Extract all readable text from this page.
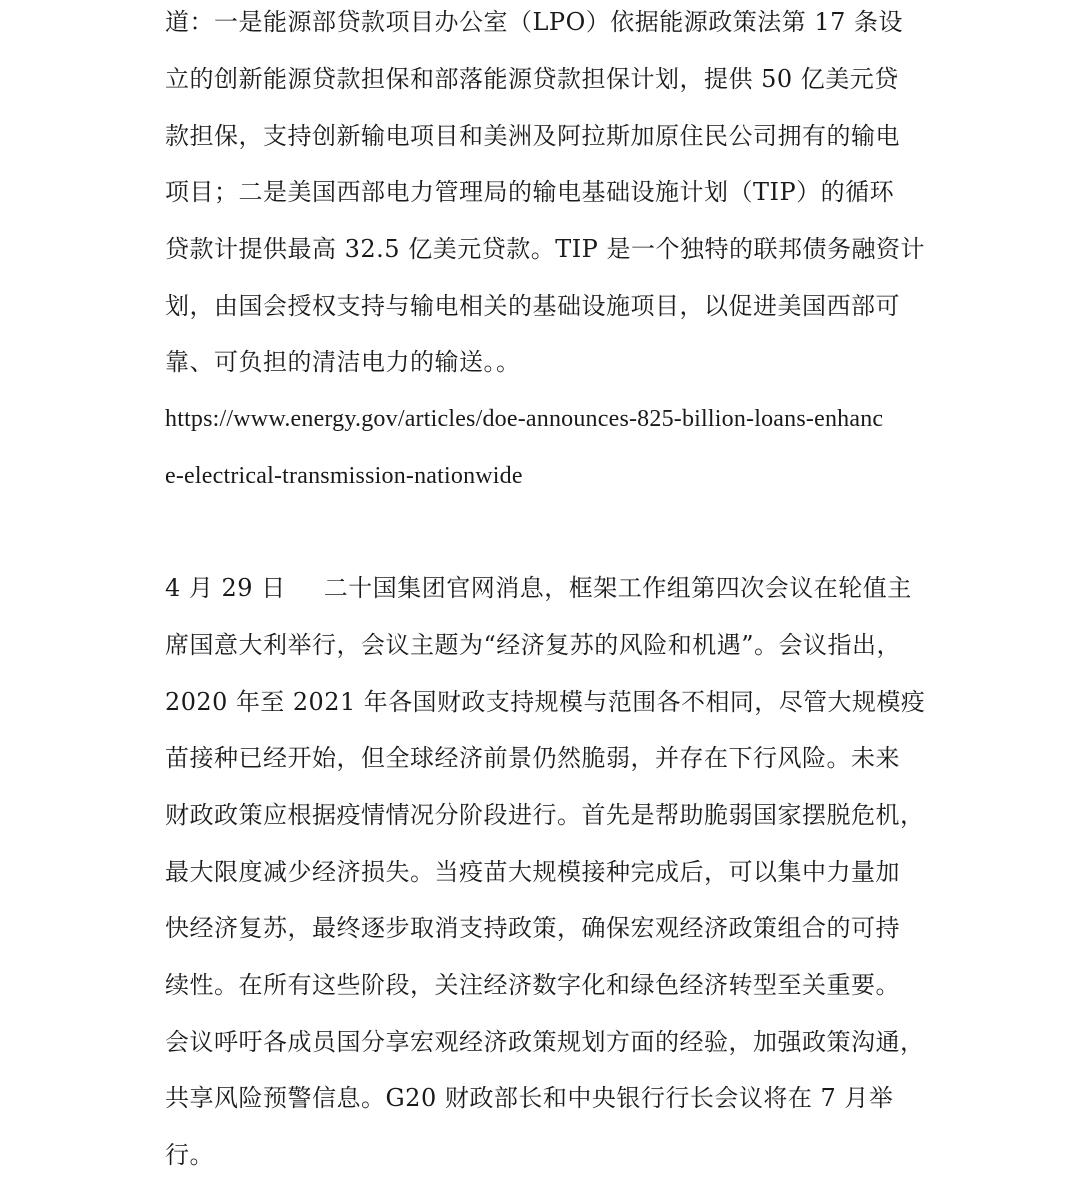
道：一是能源部贷款项目办公室（LPO）依据能源政策法第 17 条设
立的创新能源贷款担保和部落能源贷款担保计划，提供 50 亿美元贷
款担保，支持创新输电项目和美洲及阿拉斯加原住民公司拥有的输电
项目；二是美国西部电力管理局的输电基础设施计划（TIP）的循环
贷款计提供最高 32.5 亿美元贷款。TIP 是一个独特的联邦债务融资计
划，由国会授权支持与输电相关的基础设施项目，以促进美国西部可
靠、可负担的清洁电力的输送。。
https://www.energy.gov/articles/doe-announces-825-billion-loans-enhanc
e-electrical-transmission-nationwide
4 月 29 日 二十国集团官网消息，框架工作组第四次会议在轮值主
席国意大利举行，会议主题为“经济复苏的风险和机遇”。会议指出，
2020 年至 2021 年各国财政支持规模与范围各不相同，尽管大规模疫
苗接种已经开始，但全球经济前景仍然脆弱，并存在下行风险。未来
财政政策应根据疫情情况分阶段进行。首先是帮助脆弱国家摆脱危机，
最大限度减少经济损失。当疫苗大规模接种完成后，可以集中力量加
快经济复苏，最终逐步取消支持政策，确保宏观经济政策组合的可持
续性。在所有这些阶段，关注经济数字化和绿色经济转型至关重要。
会议呼吁各成员国分享宏观经济政策规划方面的经验，加强政策沟通，
共享风险预警信息。G20 财政部长和中央银行行长会议将在 7 月举
行。
